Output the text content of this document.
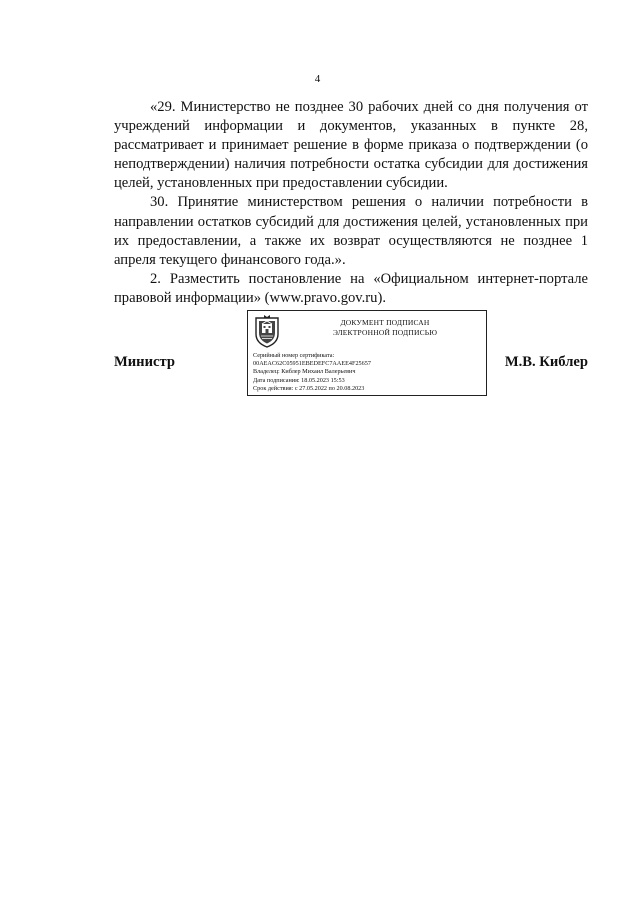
4

«29. Министерство не позднее 30 рабочих дней со дня получения от учреждений информации и документов, указанных в пункте 28, рассматривает и принимает решение в форме приказа о подтверждении (о неподтверждении) наличия потребности остатка субсидии для достижения целей, установленных при предоставлении субсидии.

30. Принятие министерством решения о наличии потребности в направлении остатков субсидий для достижения целей, установленных при их предоставлении, а также их возврат осуществляются не позднее 1 апреля текущего финансового года.».

2. Разместить постановление на «Официальном интернет-портале правовой информации» (www.pravo.gov.ru).

Министр
ДОКУМЕНТ ПОДПИСАН
ЭЛЕКТРОННОЙ ПОДПИСЬЮ
Серийный номер сертификата:
00AEAC62C05951EBEDEFC7AAEE4F25657
Владелец: Киблер Михаил Валерьевич
Дата подписания: 18.05.2023 15:53
Срок действия: с 27.05.2022 по 20.08.2023
М.В. Киблер
